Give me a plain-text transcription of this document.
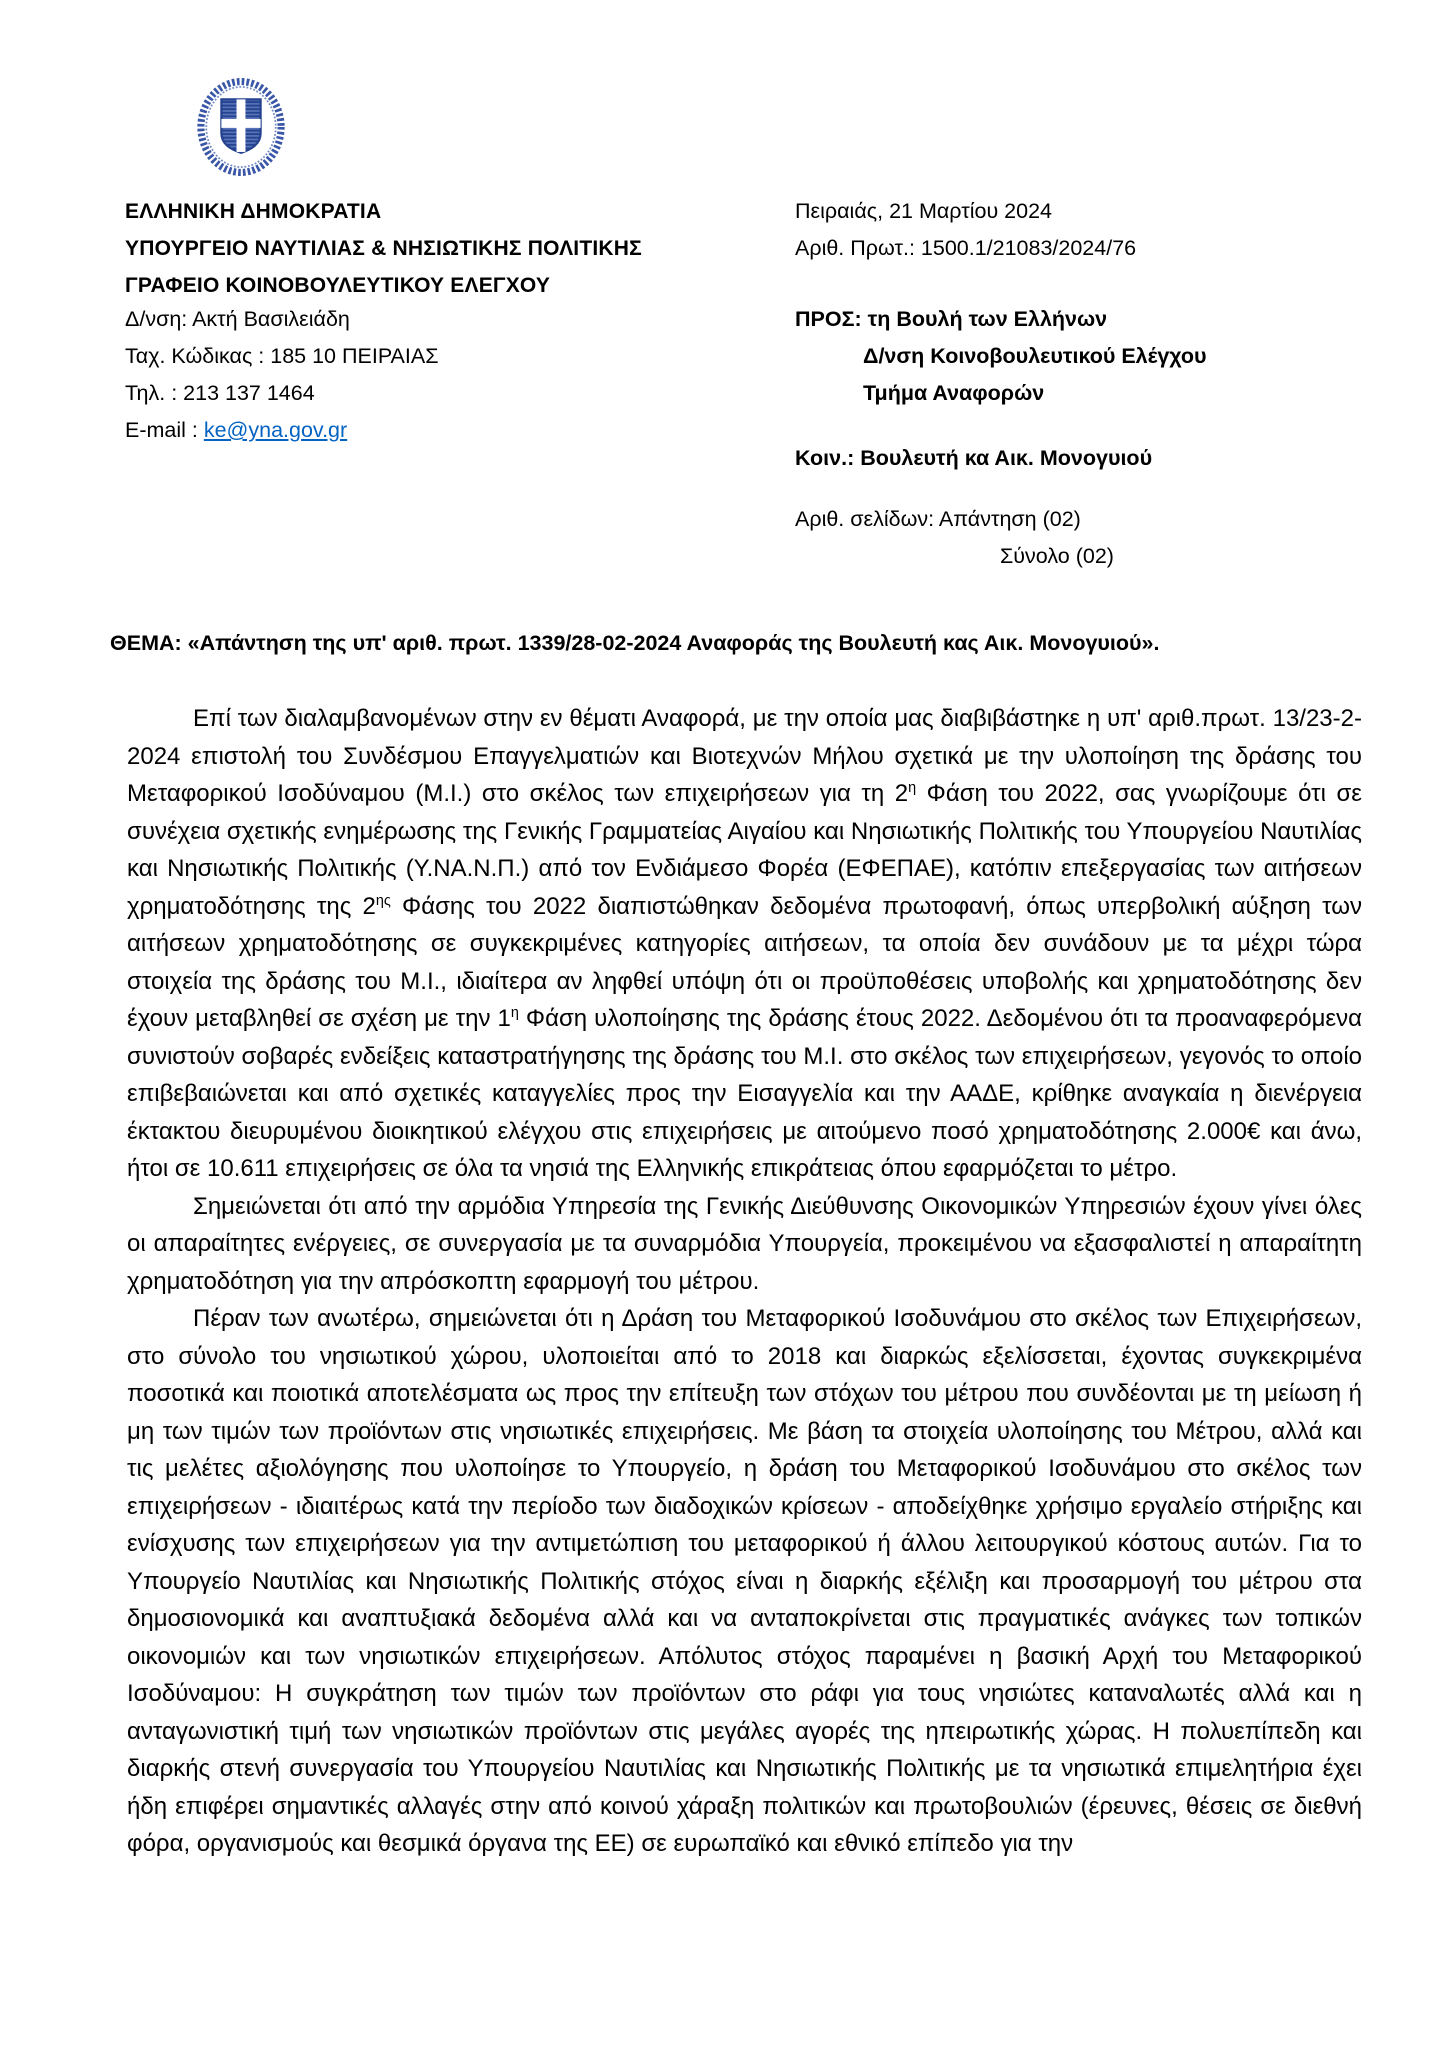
ΕΛΛΗΝΙΚΗ ΔΗΜΟΚΡΑΤΙΑ
ΥΠΟΥΡΓΕΙΟ ΝΑΥΤΙΛΙΑΣ & ΝΗΣΙΩΤΙΚΗΣ ΠΟΛΙΤΙΚΗΣ
ΓΡΑΦΕΙΟ ΚΟΙΝΟΒΟΥΛΕΥΤΙΚΟΥ ΕΛΕΓΧΟΥ
Δ/νση: Ακτή Βασιλειάδη
Ταχ. Κώδικας : 185 10 ΠΕΙΡΑΙΑΣ
Τηλ. : 213 137 1464
E-mail : ke@yna.gov.gr
Πειραιάς, 21 Μαρτίου 2024
Αριθ. Πρωτ.: 1500.1/21083/2024/76
ΠΡΟΣ: τη Βουλή των Ελλήνων
Δ/νση Κοινοβουλευτικού Ελέγχου
Τμήμα Αναφορών
Κοιν.: Βουλευτή κα Αικ. Μονογυιού
Αριθ. σελίδων: Απάντηση (02)
Σύνολο (02)
ΘΕΜΑ: «Απάντηση της υπ' αριθ. πρωτ. 1339/28-02-2024 Αναφοράς της Βουλευτή κας Αικ. Μονογυιού».

Επί των διαλαμβανομένων στην εν θέματι Αναφορά, με την οποία μας διαβιβάστηκε η υπ' αριθ.πρωτ. 13/23-2-2024 επιστολή του Συνδέσμου Επαγγελματιών και Βιοτεχνών Μήλου σχετικά με την υλοποίηση της δράσης του Μεταφορικού Ισοδύναμου (Μ.Ι.) στο σκέλος των επιχειρήσεων για τη $2^\eta$ Φάση του 2022, σας γνωρίζουμε ότι σε συνέχεια σχετικής ενημέρωσης της Γενικής Γραμματείας Αιγαίου και Νησιωτικής Πολιτικής του Υπουργείου Ναυτιλίας και Νησιωτικής Πολιτικής (Υ.ΝΑ.Ν.Π.) από τον Ενδιάμεσο Φορέα (ΕΦΕΠΑΕ), κατόπιν επεξεργασίας των αιτήσεων χρηματοδότησης της $2^{\eta\varsigma}$ Φάσης του 2022 διαπιστώθηκαν δεδομένα πρωτοφανή, όπως υπερβολική αύξηση των αιτήσεων χρηματοδότησης σε συγκεκριμένες κατηγορίες αιτήσεων, τα οποία δεν συνάδουν με τα μέχρι τώρα στοιχεία της δράσης του Μ.Ι., ιδιαίτερα αν ληφθεί υπόψη ότι οι προϋποθέσεις υποβολής και χρηματοδότησης δεν έχουν μεταβληθεί σε σχέση με την $1^\eta$ Φάση υλοποίησης της δράσης έτους 2022. Δεδομένου ότι τα προαναφερόμενα συνιστούν σοβαρές ενδείξεις καταστρατήγησης της δράσης του Μ.Ι. στο σκέλος των επιχειρήσεων, γεγονός το οποίο επιβεβαιώνεται και από σχετικές καταγγελίες προς την Εισαγγελία και την ΑΑΔΕ, κρίθηκε αναγκαία η διενέργεια έκτακτου διευρυμένου διοικητικού ελέγχου στις επιχειρήσεις με αιτούμενο ποσό χρηματοδότησης 2.000€ και άνω, ήτοι σε 10.611 επιχειρήσεις σε όλα τα νησιά της Ελληνικής επικράτειας όπου εφαρμόζεται το μέτρο.

Σημειώνεται ότι από την αρμόδια Υπηρεσία της Γενικής Διεύθυνσης Οικονομικών Υπηρεσιών έχουν γίνει όλες οι απαραίτητες ενέργειες, σε συνεργασία με τα συναρμόδια Υπουργεία, προκειμένου να εξασφαλιστεί η απαραίτητη χρηματοδότηση για την απρόσκοπτη εφαρμογή του μέτρου.

Πέραν των ανωτέρω, σημειώνεται ότι η Δράση του Μεταφορικού Ισοδυνάμου στο σκέλος των Επιχειρήσεων, στο σύνολο του νησιωτικού χώρου, υλοποιείται από το 2018 και διαρκώς εξελίσσεται, έχοντας συγκεκριμένα ποσοτικά και ποιοτικά αποτελέσματα ως προς την επίτευξη των στόχων του μέτρου που συνδέονται με τη μείωση ή μη των τιμών των προϊόντων στις νησιωτικές επιχειρήσεις. Με βάση τα στοιχεία υλοποίησης του Μέτρου, αλλά και τις μελέτες αξιολόγησης που υλοποίησε το Υπουργείο, η δράση του Μεταφορικού Ισοδυνάμου στο σκέλος των επιχειρήσεων - ιδιαιτέρως κατά την περίοδο των διαδοχικών κρίσεων - αποδείχθηκε χρήσιμο εργαλείο στήριξης και ενίσχυσης των επιχειρήσεων για την αντιμετώπιση του μεταφορικού ή άλλου λειτουργικού κόστους αυτών. Για το Υπουργείο Ναυτιλίας και Νησιωτικής Πολιτικής στόχος είναι η διαρκής εξέλιξη και προσαρμογή του μέτρου στα δημοσιονομικά και αναπτυξιακά δεδομένα αλλά και να ανταποκρίνεται στις πραγματικές ανάγκες των τοπικών οικονομιών και των νησιωτικών επιχειρήσεων. Απόλυτος στόχος παραμένει η βασική Αρχή του Μεταφορικού Ισοδύναμου: Η συγκράτηση των τιμών των προϊόντων στο ράφι για τους νησιώτες καταναλωτές αλλά και η ανταγωνιστική τιμή των νησιωτικών προϊόντων στις μεγάλες αγορές της ηπειρωτικής χώρας. Η πολυεπίπεδη και διαρκής στενή συνεργασία του Υπουργείου Ναυτιλίας και Νησιωτικής Πολιτικής με τα νησιωτικά επιμελητήρια έχει ήδη επιφέρει σημαντικές αλλαγές στην από κοινού χάραξη πολιτικών και πρωτοβουλιών (έρευνες, θέσεις σε διεθνή φόρα, οργανισμούς και θεσμικά όργανα της ΕΕ) σε ευρωπαϊκό και εθνικό επίπεδο για την
